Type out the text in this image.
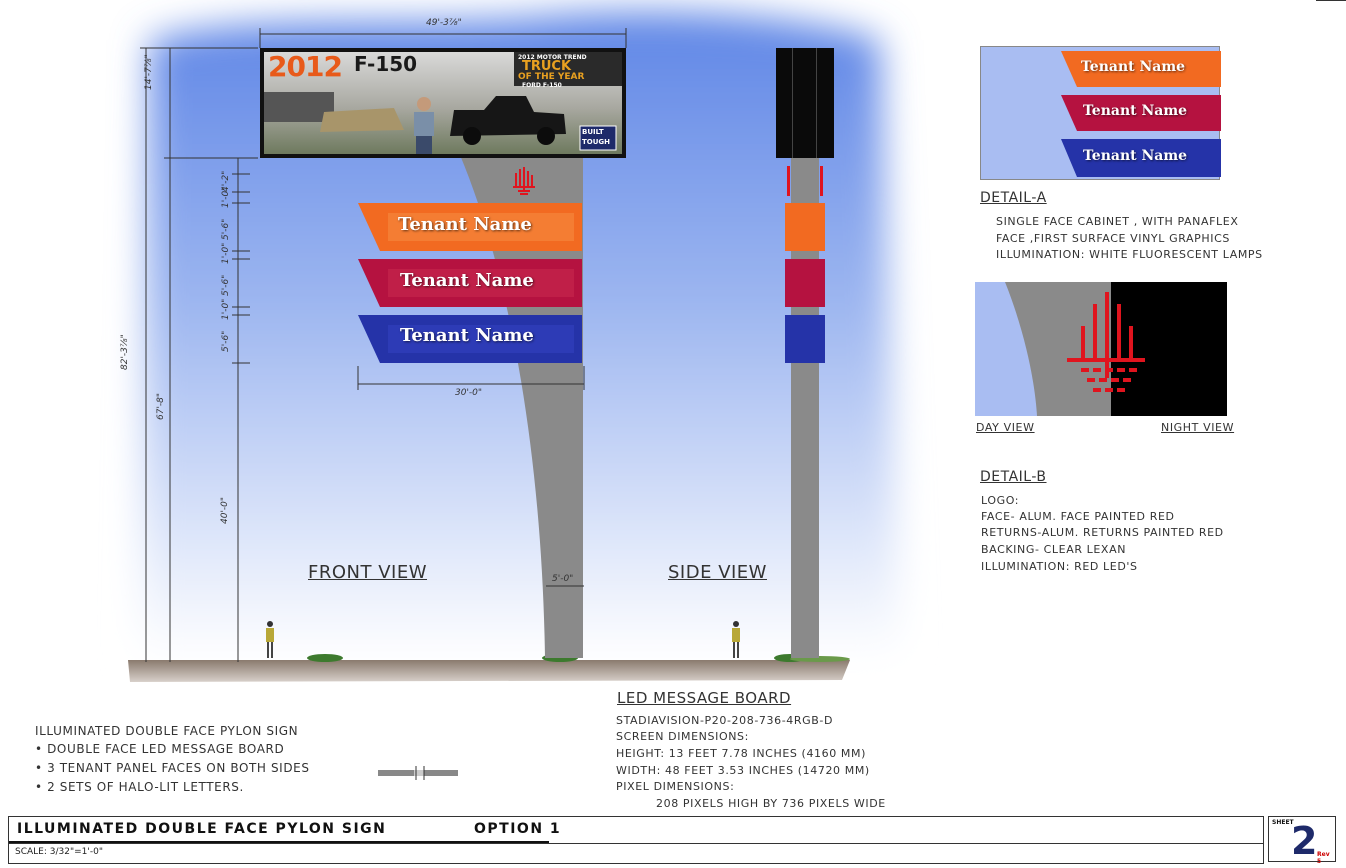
Tenant Name
Tenant Name
Tenant Name
2012 F-150	2012 MOTOR TREND
TRUCK
OF THE YEAR
FORD F-150
BUILT
TOUGH
49'-3⅞"
14'-7⅞"
82'-3⅞"
67'-8"
40'-0"
30'-0"
5'-0"
4'-2"
1'-0"
5'-6"
1'-0"
5'-6"
1'-0"
5'-6"
FRONT VIEW	SIDE VIEW
Tenant Name
Tenant Name
Tenant Name
DETAIL-A
SINGLE FACE CABINET , WITH PANAFLEX
FACE ,FIRST SURFACE VINYL GRAPHICS
ILLUMINATION: WHITE FLUORESCENT LAMPS
DAY VIEW	NIGHT VIEW
DETAIL-B
LOGO:
FACE- ALUM. FACE PAINTED RED
RETURNS-ALUM. RETURNS PAINTED RED
BACKING- CLEAR LEXAN
ILLUMINATION: RED LED'S
LED MESSAGE BOARD
STADIAVISION-P20-208-736-4RGB-D
SCREEN DIMENSIONS:
HEIGHT: 13 FEET 7.78 INCHES (4160 MM)
WIDTH: 48 FEET 3.53 INCHES (14720 MM)
PIXEL DIMENSIONS:
208 PIXELS HIGH BY 736 PIXELS WIDE
ILLUMINATED DOUBLE FACE PYLON SIGN
• DOUBLE FACE LED MESSAGE BOARD
• 3 TENANT PANEL FACES ON BOTH SIDES
• 2 SETS OF HALO-LIT LETTERS.
ILLUMINATED DOUBLE FACE PYLON SIGN	OPTION 1
SCALE: 3/32"=1'-0"
SHEET
2 Rev 5
